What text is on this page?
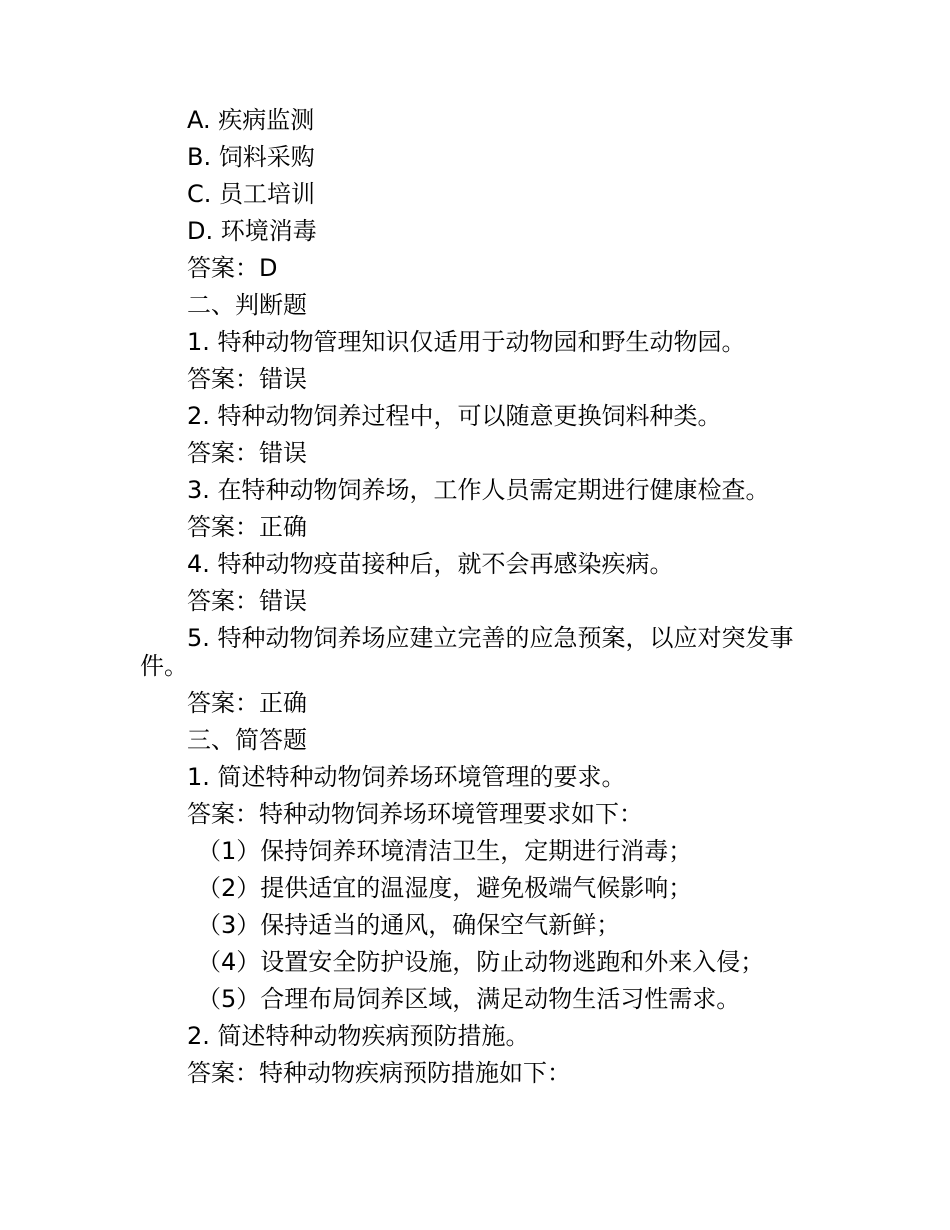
A. 疾病监测

B. 饲料采购

C. 员工培训

D. 环境消毒

答案：D

二、判断题

1. 特种动物管理知识仅适用于动物园和野生动物园。

答案：错误

2. 特种动物饲养过程中，可以随意更换饲料种类。

答案：错误

3. 在特种动物饲养场，工作人员需定期进行健康检查。

答案：正确

4. 特种动物疫苗接种后，就不会再感染疾病。

答案：错误

5. 特种动物饲养场应建立完善的应急预案，以应对突发事件。

答案：正确

三、简答题

1. 简述特种动物饲养场环境管理的要求。

答案：特种动物饲养场环境管理要求如下：

（1）保持饲养环境清洁卫生，定期进行消毒；

（2）提供适宜的温湿度，避免极端气候影响；

（3）保持适当的通风，确保空气新鲜；

（4）设置安全防护设施，防止动物逃跑和外来入侵；

（5）合理布局饲养区域，满足动物生活习性需求。

2. 简述特种动物疾病预防措施。

答案：特种动物疾病预防措施如下：
